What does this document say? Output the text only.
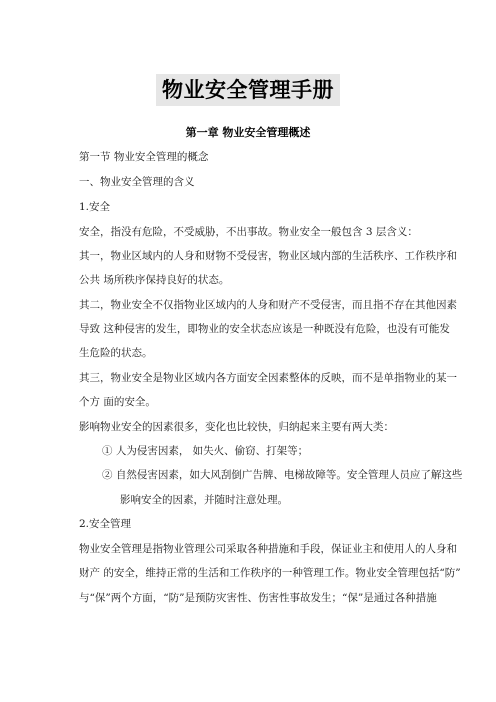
物业安全管理手册
第一章 物业安全管理概述
第一节 物业安全管理的概念
一、物业安全管理的含义
1.安全
安全，指没有危险，不受威胁，不出事故。物业安全一般包含 3 层含义：
其一，物业区域内的人身和财物不受侵害，物业区域内部的生活秩序、工作秩序和
公共 场所秩序保持良好的状态。
其二，物业安全不仅指物业区域内的人身和财产不受侵害，而且指不存在其他因素
导致 这种侵害的发生，即物业的安全状态应该是一种既没有危险，也没有可能发
生危险的状态。
其三，物业安全是物业区域内各方面安全因素整体的反映，而不是单指物业的某一
个方 面的安全。
影响物业安全的因素很多，变化也比较快，归纳起来主要有两大类：
① 人为侵害因素， 如失火、偷窃、打架等；
② 自然侵害因素，如大风刮倒广告牌、电梯故障等。安全管理人员应了解这些
影响安全的因素，并随时注意处理。
2.安全管理
物业安全管理是指物业管理公司采取各种措施和手段，保证业主和使用人的人身和
财产 的安全，维持正常的生活和工作秩序的一种管理工作。物业安全管理包括“防”
与“保”两个方面，“防”是预防灾害性、伤害性事故发生；“保”是通过各种措施
